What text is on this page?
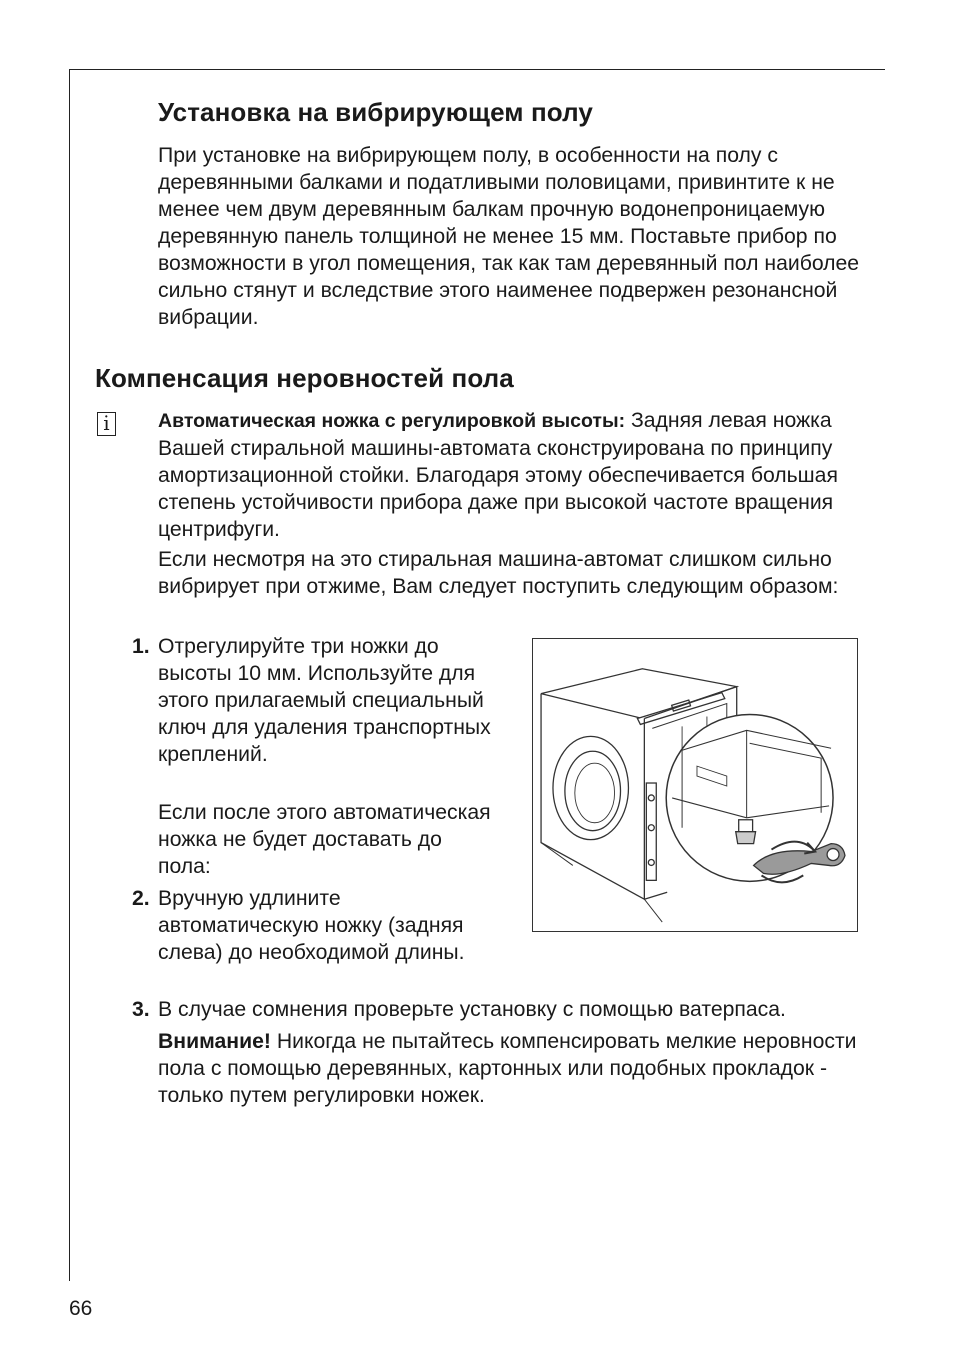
Установка на вибрирующем полу

При установке на вибрирующем полу, в особенности на полу с деревянными балками и податливыми половицами, привинтите к не менее чем двум деревянным балкам прочную водонепроницаемую деревянную панель толщиной не менее 15 мм. Поставьте прибор по возможности в угол помещения, так как там деревянный пол наиболее сильно стянут и вследствие этого наименее подвержен резонансной вибрации.

Компенсация неровностей пола
i	Автоматическая ножка с регулировкой высоты: Задняя левая ножка Вашей стиральной машины-автомата сконструирована по принципу амортизационной стойки. Благодаря этому обеспечивается большая степень устойчивости прибора даже при высокой частоте вращения центрифуги.

Если несмотря на это стиральная машина-автомат слишком сильно вибрирует при отжиме, Вам следует поступить следующим образом:

1. Отрегулируйте три ножки до высоты 10 мм. Используйте для этого прилагаемый специальный ключ для удаления транспортных креплений.

Если после этого автоматическая ножка не будет доставать до пола:

2. Вручную удлините автоматическую ножку (задняя слева) до необходимой длины.

3. В случае сомнения проверьте установку с помощью ватерпаса.

Внимание! Никогда не пытайтесь компенсировать мелкие неровности пола с помощью деревянных, картонных или подобных прокладок - только путем регулировки ножек.

66
